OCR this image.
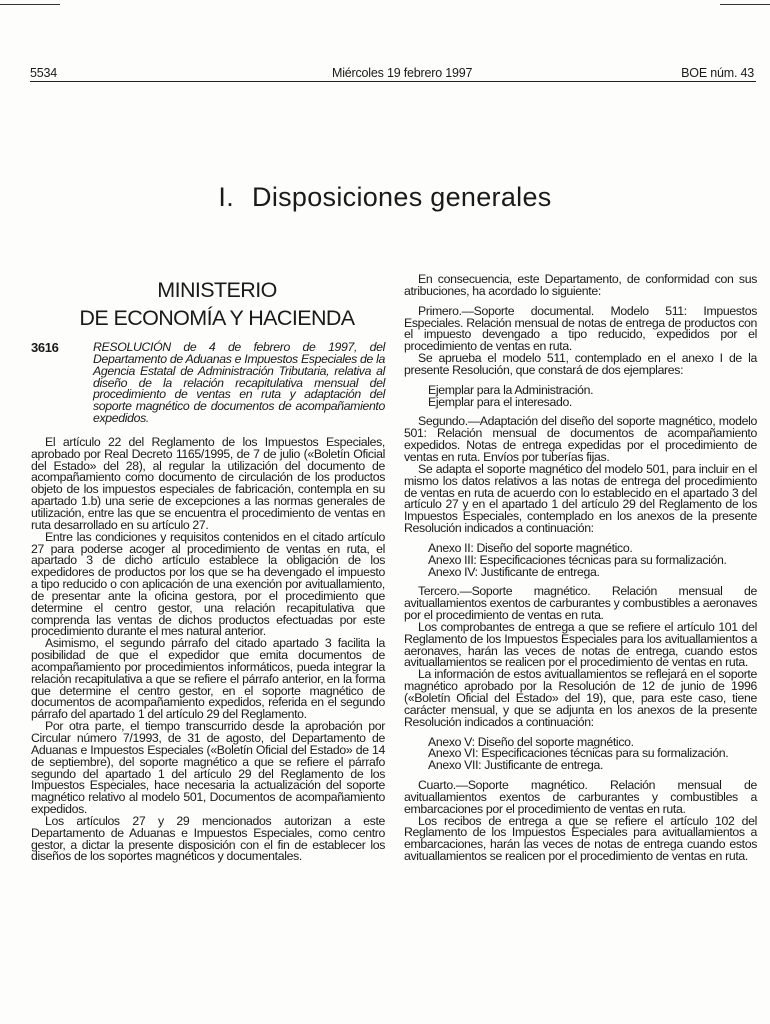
5534	Miércoles 19 febrero 1997	BOE núm. 43
I. Disposiciones generales
MINISTERIO
DE ECONOMÍA Y HACIENDA
3616	RESOLUCIÓN de 4 de febrero de 1997, del Departamento de Aduanas e Impuestos Especiales de la Agencia Estatal de Administración Tributaria, relativa al diseño de la relación recapitulativa mensual del procedimiento de ventas en ruta y adaptación del soporte magnético de documentos de acompañamiento expedidos.

El artículo 22 del Reglamento de los Impuestos Especiales, aprobado por Real Decreto 1165/1995, de 7 de julio («Boletín Oficial del Estado» del 28), al regular la utilización del documento de acompañamiento como documento de circulación de los productos objeto de los impuestos especiales de fabricación, contempla en su apartado 1.b) una serie de excepciones a las normas generales de utilización, entre las que se encuentra el procedimiento de ventas en ruta desarrollado en su artículo 27.

Entre las condiciones y requisitos contenidos en el citado artículo 27 para poderse acoger al procedimiento de ventas en ruta, el apartado 3 de dicho artículo establece la obligación de los expedidores de productos por los que se ha devengado el impuesto a tipo reducido o con aplicación de una exención por avituallamiento, de presentar ante la oficina gestora, por el procedimiento que determine el centro gestor, una relación recapitulativa que comprenda las ventas de dichos productos efectuadas por este procedimiento durante el mes natural anterior.

Asimismo, el segundo párrafo del citado apartado 3 facilita la posibilidad de que el expedidor que emita documentos de acompañamiento por procedimientos informáticos, pueda integrar la relación recapitulativa a que se refiere el párrafo anterior, en la forma que determine el centro gestor, en el soporte magnético de documentos de acompañamiento expedidos, referida en el segundo párrafo del apartado 1 del artículo 29 del Reglamento.

Por otra parte, el tiempo transcurrido desde la aprobación por Circular número 7/1993, de 31 de agosto, del Departamento de Aduanas e Impuestos Especiales («Boletín Oficial del Estado» de 14 de septiembre), del soporte magnético a que se refiere el párrafo segundo del apartado 1 del artículo 29 del Reglamento de los Impuestos Especiales, hace necesaria la actualización del soporte magnético relativo al modelo 501, Documentos de acompañamiento expedidos.

Los artículos 27 y 29 mencionados autorizan a este Departamento de Aduanas e Impuestos Especiales, como centro gestor, a dictar la presente disposición con el fin de establecer los diseños de los soportes magnéticos y documentales.

En consecuencia, este Departamento, de conformidad con sus atribuciones, ha acordado lo siguiente:

Primero.—Soporte documental. Modelo 511: Impuestos Especiales. Relación mensual de notas de entrega de productos con el impuesto devengado a tipo reducido, expedidos por el procedimiento de ventas en ruta.

Se aprueba el modelo 511, contemplado en el anexo I de la presente Resolución, que constará de dos ejemplares:

Ejemplar para la Administración.

Ejemplar para el interesado.

Segundo.—Adaptación del diseño del soporte magnético, modelo 501: Relación mensual de documentos de acompañamiento expedidos. Notas de entrega expedidas por el procedimiento de ventas en ruta. Envíos por tuberías fijas.

Se adapta el soporte magnético del modelo 501, para incluir en el mismo los datos relativos a las notas de entrega del procedimiento de ventas en ruta de acuerdo con lo establecido en el apartado 3 del artículo 27 y en el apartado 1 del artículo 29 del Reglamento de los Impuestos Especiales, contemplado en los anexos de la presente Resolución indicados a continuación:

Anexo II: Diseño del soporte magnético.

Anexo III: Especificaciones técnicas para su formalización.

Anexo IV: Justificante de entrega.

Tercero.—Soporte magnético. Relación mensual de avituallamientos exentos de carburantes y combustibles a aeronaves por el procedimiento de ventas en ruta.

Los comprobantes de entrega a que se refiere el artículo 101 del Reglamento de los Impuestos Especiales para los avituallamientos a aeronaves, harán las veces de notas de entrega, cuando estos avituallamientos se realicen por el procedimiento de ventas en ruta.

La información de estos avituallamientos se reflejará en el soporte magnético aprobado por la Resolución de 12 de junio de 1996 («Boletín Oficial del Estado» del 19), que, para este caso, tiene carácter mensual, y que se adjunta en los anexos de la presente Resolución indicados a continuación:

Anexo V: Diseño del soporte magnético.

Anexo VI: Especificaciones técnicas para su formalización.

Anexo VII: Justificante de entrega.

Cuarto.—Soporte magnético. Relación mensual de avituallamientos exentos de carburantes y combustibles a embarcaciones por el procedimiento de ventas en ruta.

Los recibos de entrega a que se refiere el artículo 102 del Reglamento de los Impuestos Especiales para avituallamientos a embarcaciones, harán las veces de notas de entrega cuando estos avituallamientos se realicen por el procedimiento de ventas en ruta.
